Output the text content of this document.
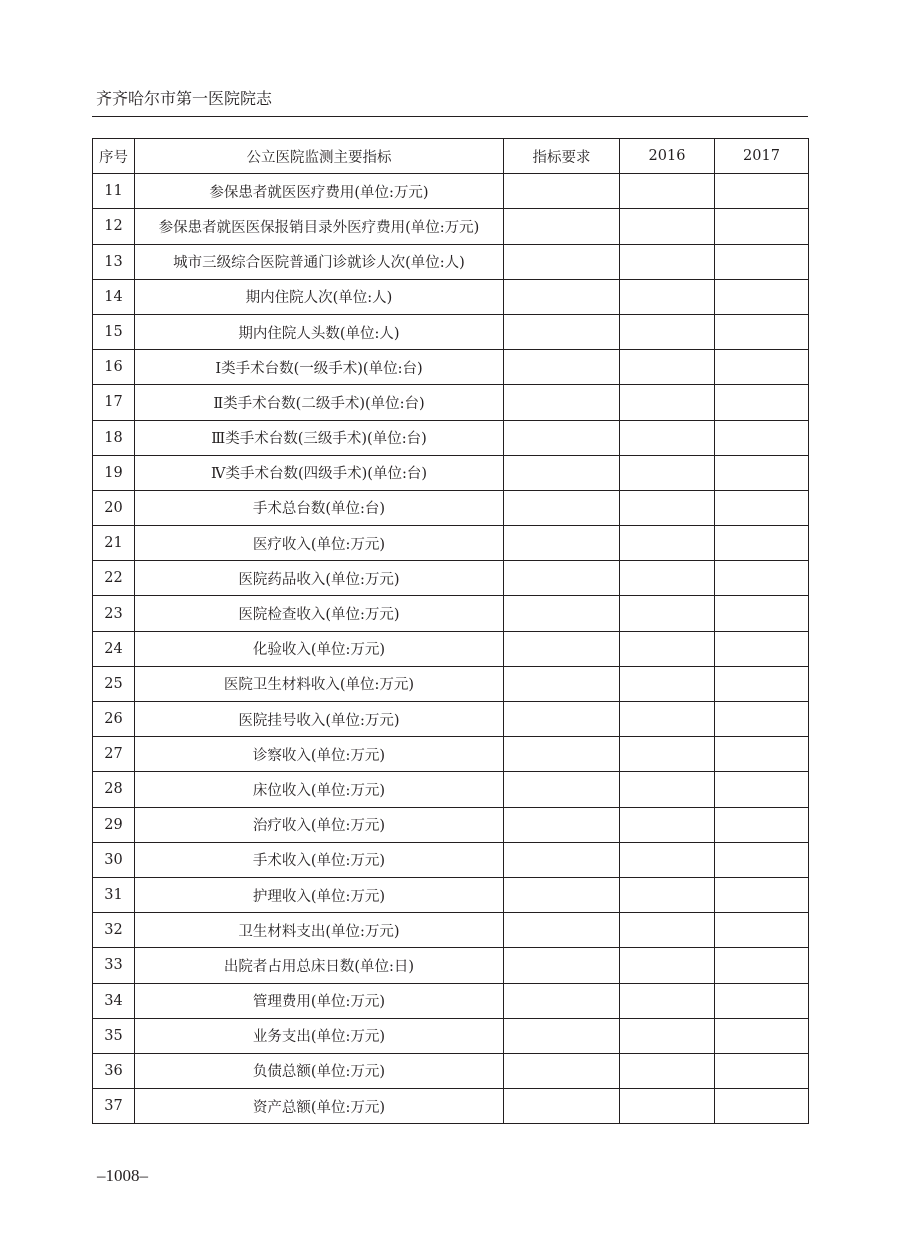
齐齐哈尔市第一医院院志
序号	公立医院监测主要指标	指标要求	2016	2017
11	参保患者就医医疗费用(单位:万元)			
12	参保患者就医医保报销目录外医疗费用(单位:万元)			
13	城市三级综合医院普通门诊就诊人次(单位:人)			
14	期内住院人次(单位:人)			
15	期内住院人头数(单位:人)			
16	Ⅰ类手术台数(一级手术)(单位:台)			
17	Ⅱ类手术台数(二级手术)(单位:台)			
18	Ⅲ类手术台数(三级手术)(单位:台)			
19	Ⅳ类手术台数(四级手术)(单位:台)			
20	手术总台数(单位:台)			
21	医疗收入(单位:万元)			
22	医院药品收入(单位:万元)			
23	医院检查收入(单位:万元)			
24	化验收入(单位:万元)			
25	医院卫生材料收入(单位:万元)			
26	医院挂号收入(单位:万元)			
27	诊察收入(单位:万元)			
28	床位收入(单位:万元)			
29	治疗收入(单位:万元)			
30	手术收入(单位:万元)			
31	护理收入(单位:万元)			
32	卫生材料支出(单位:万元)			
33	出院者占用总床日数(单位:日)			
34	管理费用(单位:万元)			
35	业务支出(单位:万元)			
36	负债总额(单位:万元)			
37	资产总额(单位:万元)			
–1008–
